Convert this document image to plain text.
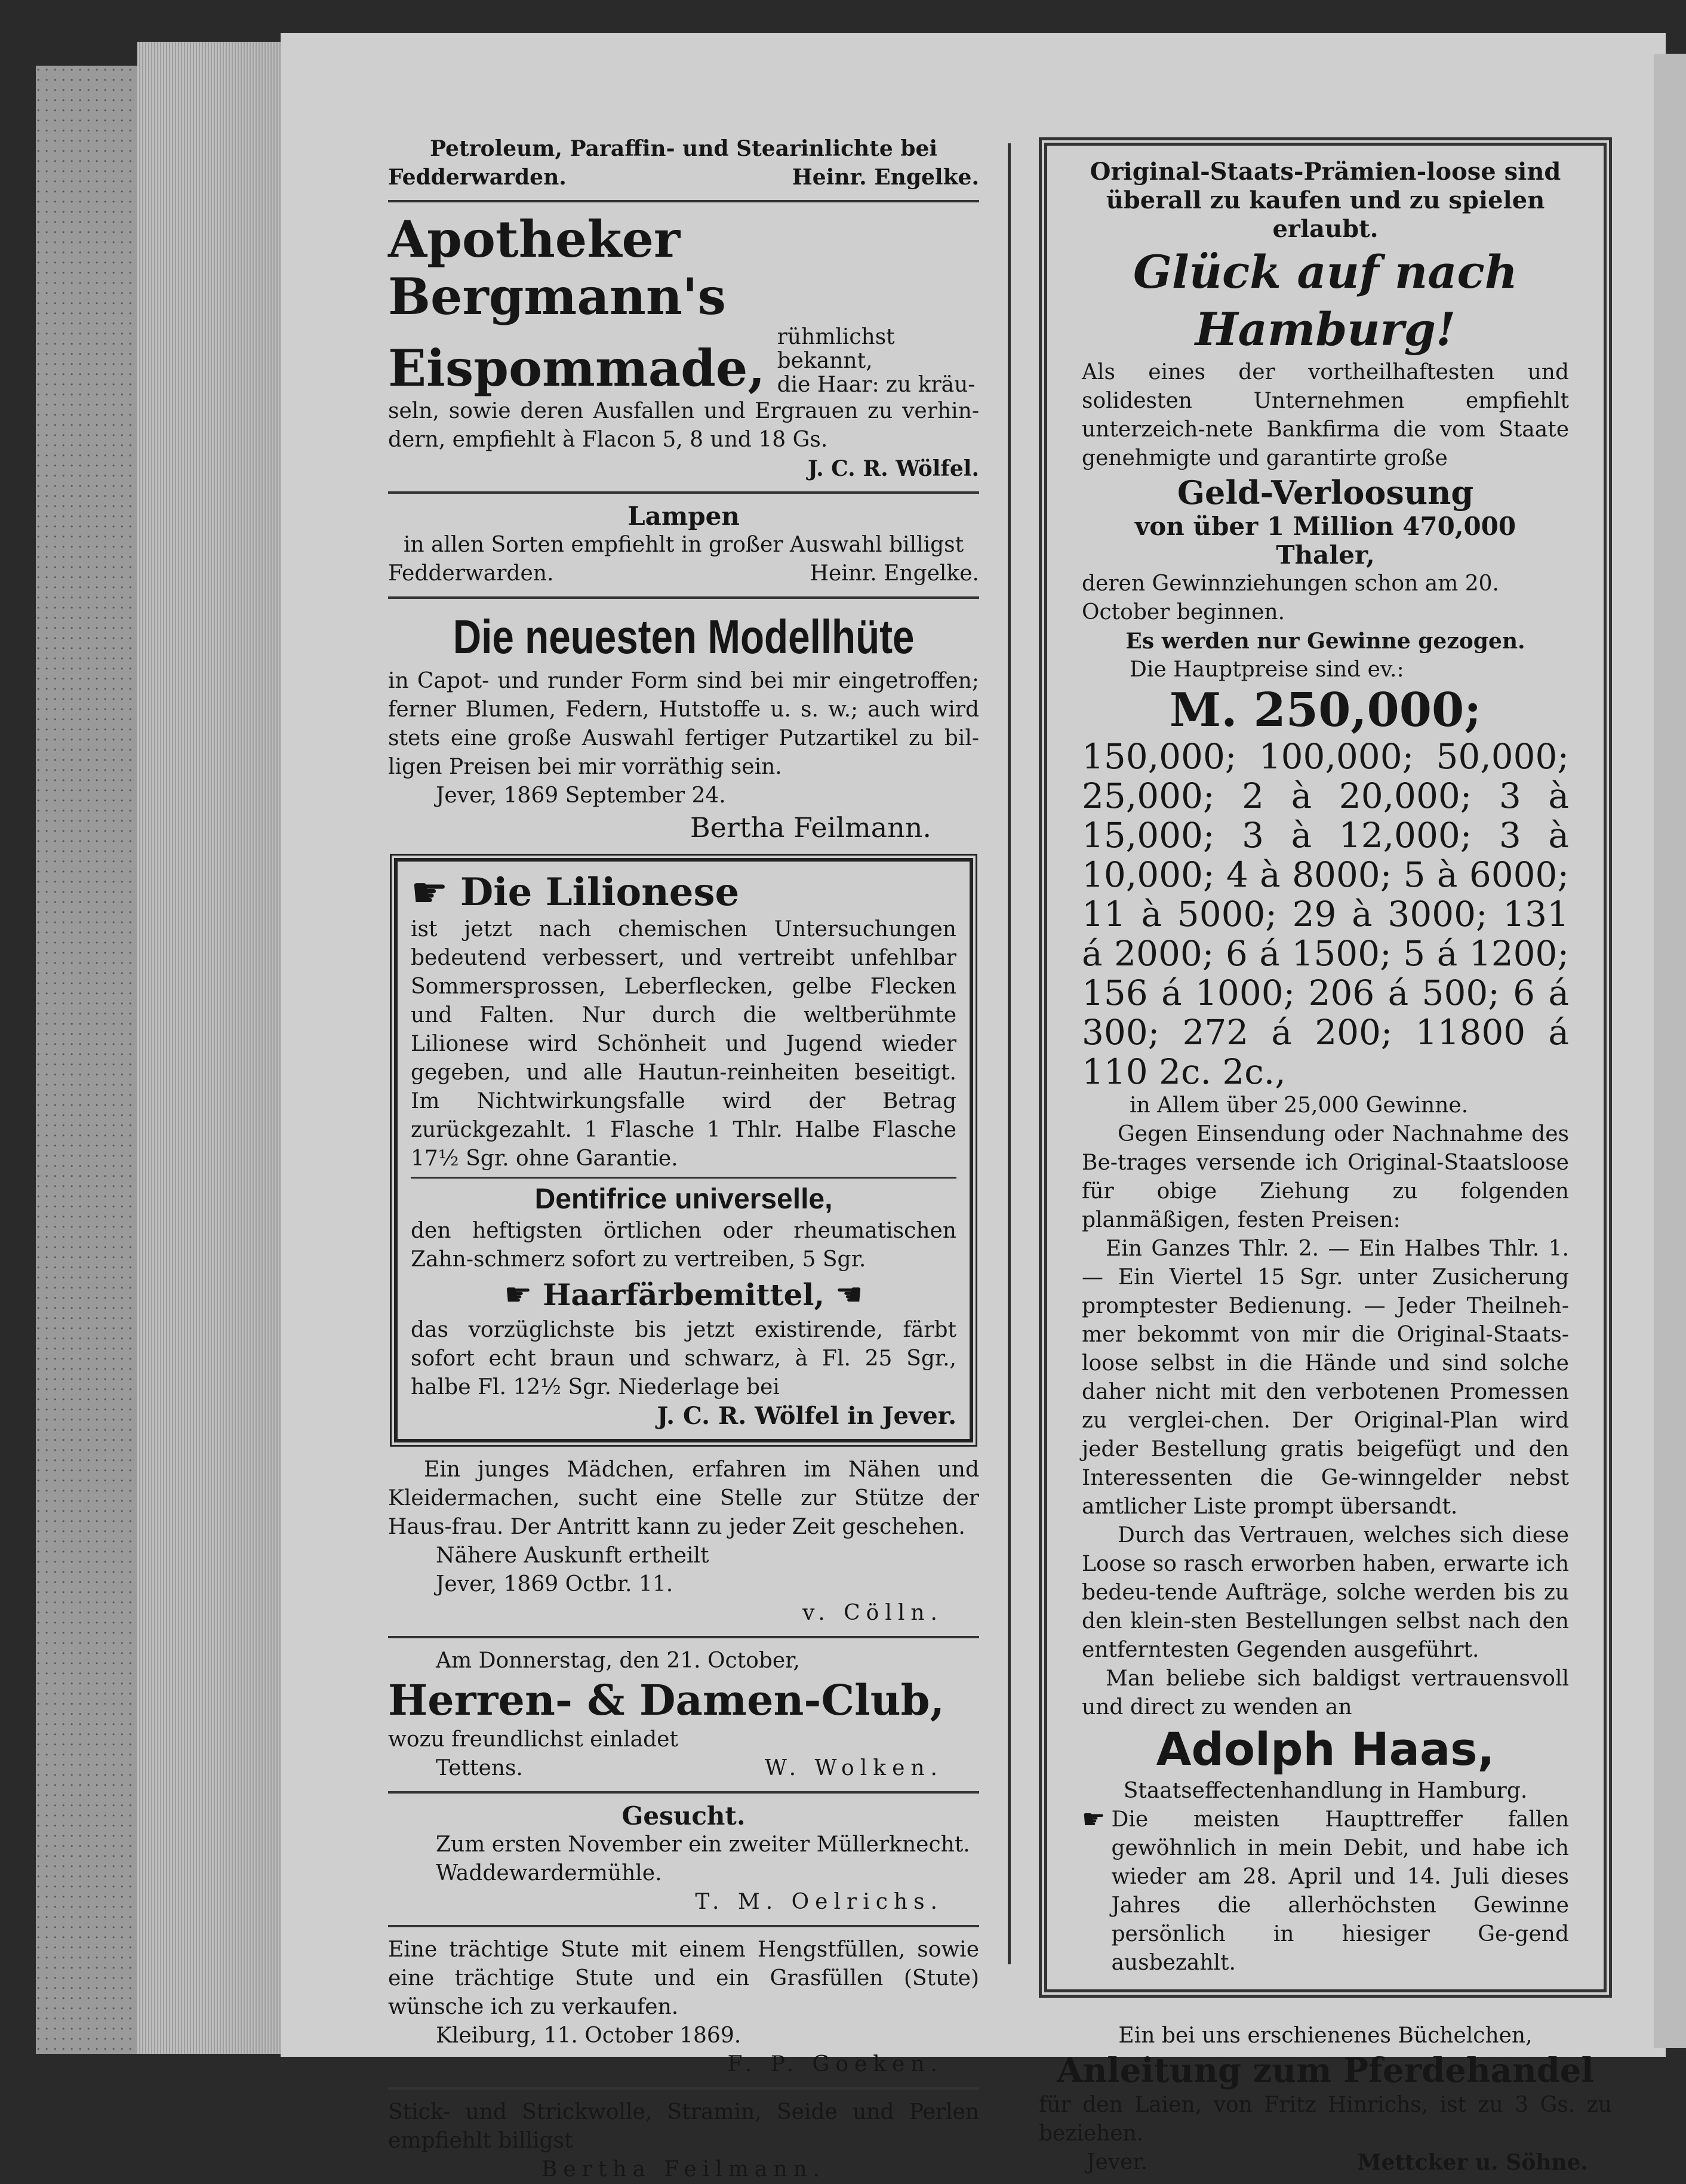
Petroleum, Paraffin- und Stearinlichte bei
Fedderwarden.	Heinr. Engelke.
Apotheker Bergmann's
Eispommade,
rühmlichst bekannt,
die Haar: zu kräu-
seln, sowie deren Ausfallen und Ergrauen zu verhin-dern, empfiehlt à Flacon 5, 8 und 18 Gs.
J. C. R. Wölfel.
Lampen
in allen Sorten empfiehlt in großer Auswahl billigst
Fedderwarden.	Heinr. Engelke.
Die neuesten Modellhüte
in Capot- und runder Form sind bei mir eingetroffen; ferner Blumen, Federn, Hutstoffe u. s. w.; auch wird stets eine große Auswahl fertiger Putzartikel zu bil-ligen Preisen bei mir vorräthig sein.
Jever, 1869 September 24.
Bertha Feilmann.
☛ Die Lilionese
ist jetzt nach chemischen Untersuchungen bedeutend verbessert, und vertreibt unfehlbar Sommersprossen, Leberflecken, gelbe Flecken und Falten. Nur durch die weltberühmte Lilionese wird Schönheit und Jugend wieder gegeben, und alle Hautun-reinheiten beseitigt. Im Nichtwirkungsfalle wird der Betrag zurückgezahlt. 1 Flasche 1 Thlr. Halbe Flasche 17½ Sgr. ohne Garantie.
Dentifrice universelle,
den heftigsten örtlichen oder rheumatischen Zahn-schmerz sofort zu vertreiben, 5 Sgr.
☛ Haarfärbemittel, ☚
das vorzüglichste bis jetzt existirende, färbt sofort echt braun und schwarz, à Fl. 25 Sgr., halbe Fl. 12½ Sgr. Niederlage bei
J. C. R. Wölfel in Jever.
Ein junges Mädchen, erfahren im Nähen und Kleidermachen, sucht eine Stelle zur Stütze der Haus-frau. Der Antritt kann zu jeder Zeit geschehen.
Nähere Auskunft ertheilt
Jever, 1869 Octbr. 11.
v. Cölln.
Am Donnerstag, den 21. October,
Herren- & Damen-Club,
wozu freundlichst einladet
Tettens.	W. Wolken.
Gesucht.
Zum ersten November ein zweiter Müllerknecht.
Waddewardermühle.
T. M. Oelrichs.
Eine trächtige Stute mit einem Hengstfüllen, sowie eine trächtige Stute und ein Grasfüllen (Stute) wünsche ich zu verkaufen.
Kleiburg, 11. October 1869.
F. P. Goeken.
Stick- und Strickwolle, Stramin, Seide und Perlen empfiehlt billigst
Bertha Feilmann.
Original-Staats-Prämien-loose sind überall zu kaufen und zu spielen erlaubt.
Glück auf nach Hamburg!
Als eines der vortheilhaftesten und solidesten Unternehmen empfiehlt unterzeich-nete Bankfirma die vom Staate genehmigte und garantirte große
Geld-Verloosung
von über 1 Million 470,000 Thaler,
deren Gewinnziehungen schon am 20. October beginnen.
Es werden nur Gewinne gezogen.
Die Hauptpreise sind ev.:
M. 250,000;
150,000; 100,000; 50,000; 25,000; 2 à 20,000; 3 à 15,000; 3 à 12,000; 3 à 10,000; 4 à 8000; 5 à 6000; 11 à 5000; 29 à 3000; 131 á 2000; 6 á 1500; 5 á 1200; 156 á 1000; 206 á 500; 6 á 300; 272 á 200; 11800 á 110 2c. 2c.,
in Allem über 25,000 Gewinne.
Gegen Einsendung oder Nachnahme des Be-trages versende ich Original-Staatsloose für obige Ziehung zu folgenden planmäßigen, festen Preisen:
Ein Ganzes Thlr. 2. — Ein Halbes Thlr. 1. — Ein Viertel 15 Sgr. unter Zusicherung promptester Bedienung. — Jeder Theilneh-mer bekommt von mir die Original-Staats-loose selbst in die Hände und sind solche daher nicht mit den verbotenen Promessen zu verglei-chen. Der Original-Plan wird jeder Bestellung gratis beigefügt und den Interessenten die Ge-winngelder nebst amtlicher Liste prompt übersandt.
Durch das Vertrauen, welches sich diese Loose so rasch erworben haben, erwarte ich bedeu-tende Aufträge, solche werden bis zu den klein-sten Bestellungen selbst nach den entferntesten Gegenden ausgeführt.
Man beliebe sich baldigst vertrauensvoll und direct zu wenden an
Adolph Haas,
Staatseffectenhandlung in Hamburg.
☛ Die meisten Haupttreffer fallen gewöhnlich in mein Debit, und habe ich wieder am 28. April und 14. Juli dieses Jahres die allerhöchsten Gewinne persönlich in hiesiger Ge-gend ausbezahlt.
Ein bei uns erschienenes Büchelchen,
Anleitung zum Pferdehandel
für den Laien, von Fritz Hinrichs, ist zu 3 Gs. zu beziehen.
Jever.	Mettcker u. Söhne.
